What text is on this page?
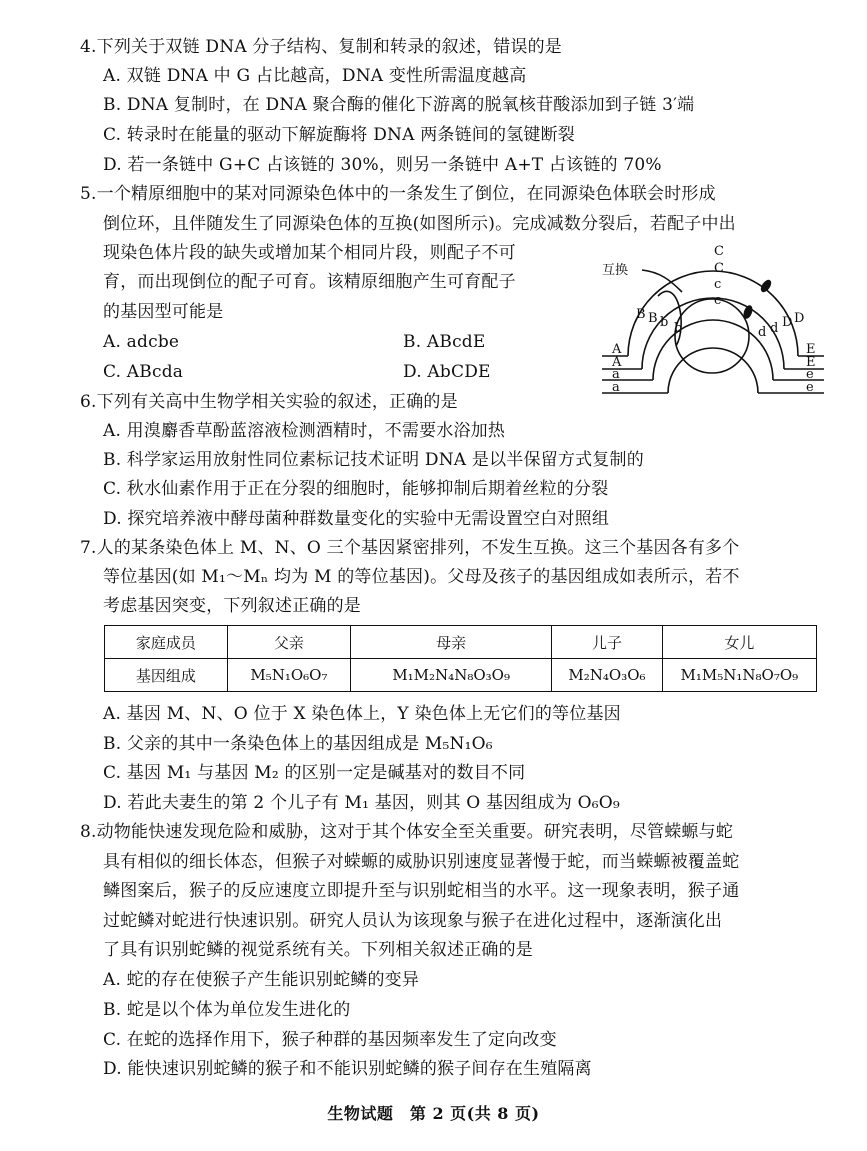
4.下列关于双链 DNA 分子结构、复制和转录的叙述，错误的是
A. 双链 DNA 中 G 占比越高，DNA 变性所需温度越高
B. DNA 复制时，在 DNA 聚合酶的催化下游离的脱氧核苷酸添加到子链 3′端
C. 转录时在能量的驱动下解旋酶将 DNA 两条链间的氢键断裂
D. 若一条链中 G+C 占该链的 30%，则另一条链中 A+T 占该链的 70%
5.一个精原细胞中的某对同源染色体中的一条发生了倒位，在同源染色体联会时形成
倒位环，且伴随发生了同源染色体的互换(如图所示)。完成减数分裂后，若配子中出
现染色体片段的缺失或增加某个相同片段，则配子不可
育，而出现倒位的配子可育。该精原细胞产生可育配子
的基因型可能是
A. adcbe	B. ABcdE
C. ABcda	D. AbCDE
互换
A
A
a
a
E
E
e
e
C
C
c
c
B B b b
D
D
d
d
6.下列有关高中生物学相关实验的叙述，正确的是
A. 用溴麝香草酚蓝溶液检测酒精时，不需要水浴加热
B. 科学家运用放射性同位素标记技术证明 DNA 是以半保留方式复制的
C. 秋水仙素作用于正在分裂的细胞时，能够抑制后期着丝粒的分裂
D. 探究培养液中酵母菌种群数量变化的实验中无需设置空白对照组
7.人的某条染色体上 M、N、O 三个基因紧密排列，不发生互换。这三个基因各有多个
等位基因(如 M₁～Mₙ 均为 M 的等位基因)。父母及孩子的基因组成如表所示，若不
考虑基因突变，下列叙述正确的是
家庭成员	父亲	母亲	儿子	女儿
基因组成	M₅N₁O₆O₇	M₁M₂N₄N₈O₃O₉	M₂N₄O₃O₆	M₁M₅N₁N₈O₇O₉
A. 基因 M、N、O 位于 X 染色体上，Y 染色体上无它们的等位基因
B. 父亲的其中一条染色体上的基因组成是 M₅N₁O₆
C. 基因 M₁ 与基因 M₂ 的区别一定是碱基对的数目不同
D. 若此夫妻生的第 2 个儿子有 M₁ 基因，则其 O 基因组成为 O₆O₉
8.动物能快速发现危险和威胁，这对于其个体安全至关重要。研究表明，尽管蝾螈与蛇
具有相似的细长体态，但猴子对蝾螈的威胁识别速度显著慢于蛇，而当蝾螈被覆盖蛇
鳞图案后，猴子的反应速度立即提升至与识别蛇相当的水平。这一现象表明，猴子通
过蛇鳞对蛇进行快速识别。研究人员认为该现象与猴子在进化过程中，逐渐演化出
了具有识别蛇鳞的视觉系统有关。下列相关叙述正确的是
A. 蛇的存在使猴子产生能识别蛇鳞的变异
B. 蛇是以个体为单位发生进化的
C. 在蛇的选择作用下，猴子种群的基因频率发生了定向改变
D. 能快速识别蛇鳞的猴子和不能识别蛇鳞的猴子间存在生殖隔离
生物试题　第 2 页(共 8 页)
